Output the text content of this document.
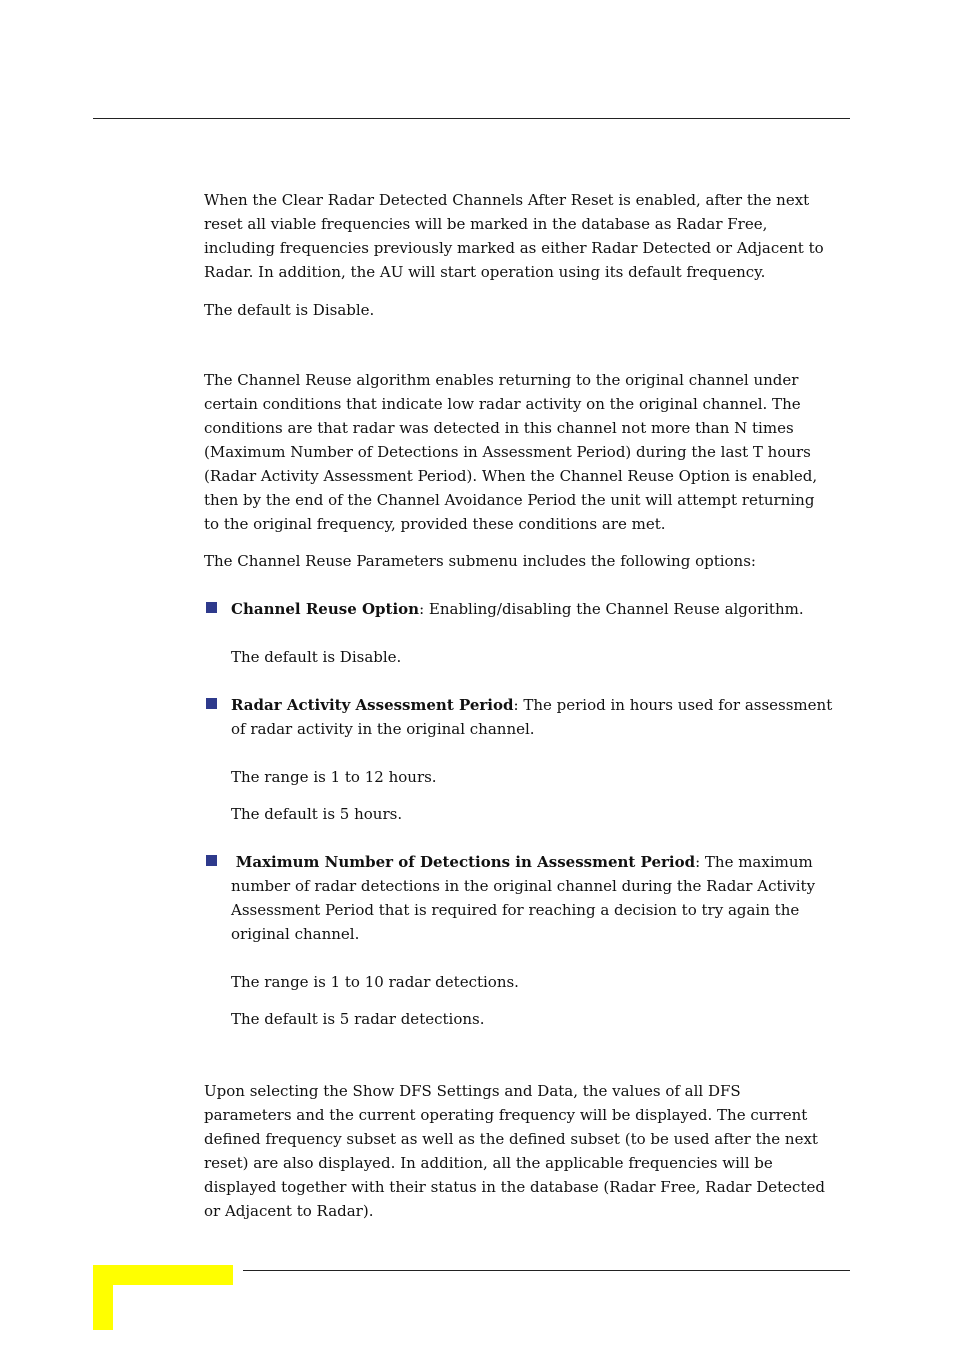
When the Clear Radar Detected Channels After Reset is enabled, after the next
reset all viable frequencies will be marked in the database as Radar Free,
including frequencies previously marked as either Radar Detected or Adjacent to
Radar. In addition, the AU will start operation using its default frequency.

The default is Disable.

The Channel Reuse algorithm enables returning to the original channel under
certain conditions that indicate low radar activity on the original channel. The
conditions are that radar was detected in this channel not more than N times
(Maximum Number of Detections in Assessment Period) during the last T hours
(Radar Activity Assessment Period). When the Channel Reuse Option is enabled,
then by the end of the Channel Avoidance Period the unit will attempt returning
to the original frequency, provided these conditions are met.

The Channel Reuse Parameters submenu includes the following options:

Channel Reuse Option: Enabling/disabling the Channel Reuse algorithm.

The default is Disable.

Radar Activity Assessment Period: The period in hours used for assessment
of radar activity in the original channel.

The range is 1 to 12 hours.

The default is 5 hours.

Maximum Number of Detections in Assessment Period: The maximum
number of radar detections in the original channel during the Radar Activity
Assessment Period that is required for reaching a decision to try again the
original channel.

The range is 1 to 10 radar detections.

The default is 5 radar detections.

Upon selecting the Show DFS Settings and Data, the values of all DFS
parameters and the current operating frequency will be displayed. The current
defined frequency subset as well as the defined subset (to be used after the next
reset) are also displayed. In addition, all the applicable frequencies will be
displayed together with their status in the database (Radar Free, Radar Detected
or Adjacent to Radar).
